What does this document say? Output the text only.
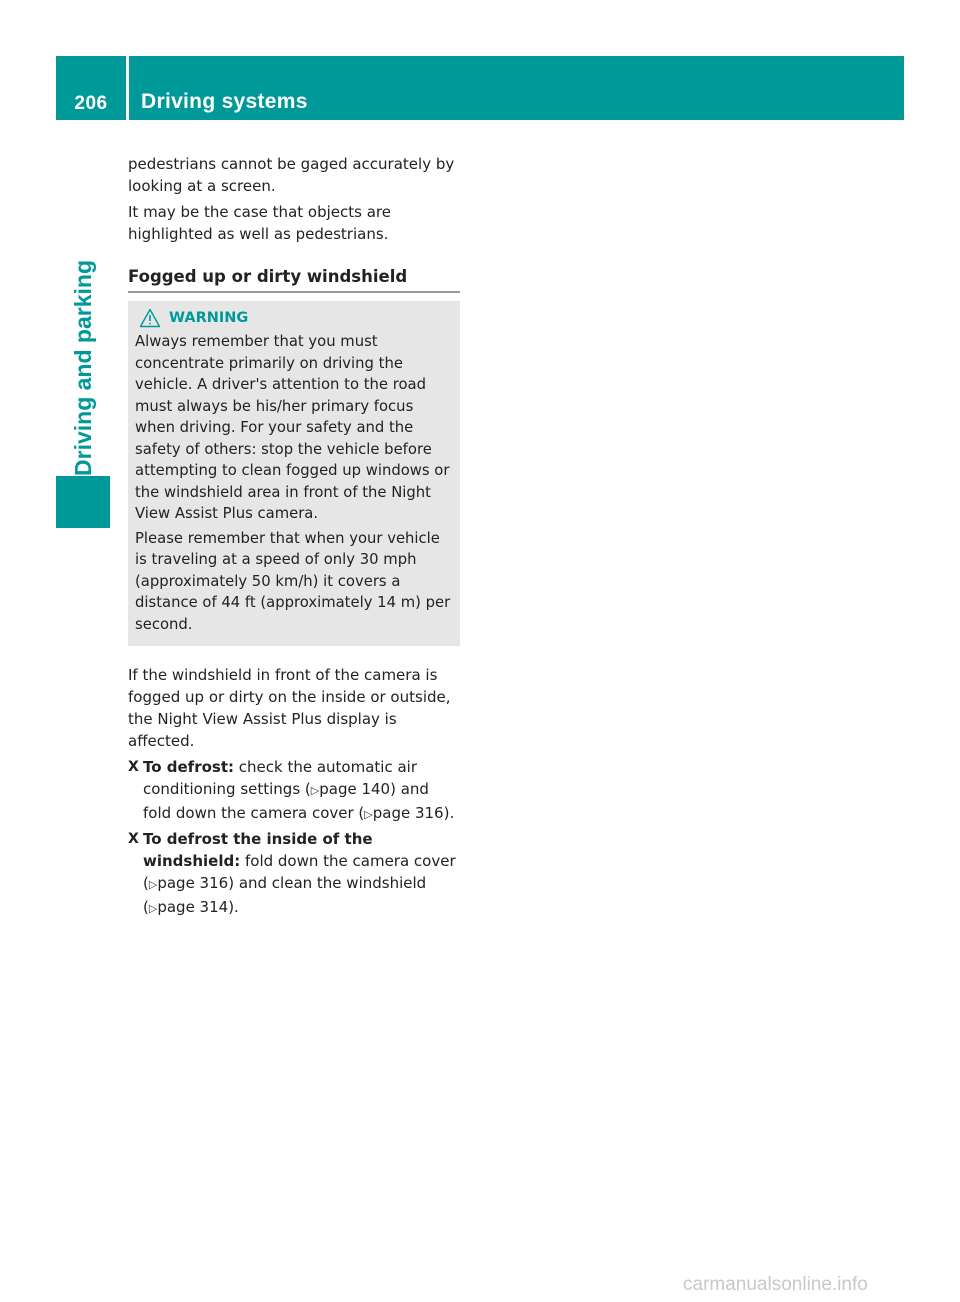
206	Driving systems
Driving and parking

pedestrians cannot be gaged accurately by looking at a screen.

It may be the case that objects are highlighted as well as pedestrians.

Fogged up or dirty windshield
WARNING

Always remember that you must concentrate primarily on driving the vehicle. A driver's attention to the road must always be his/her primary focus when driving. For your safety and the safety of others: stop the vehicle before attempting to clean fogged up windows or the windshield area in front of the Night View Assist Plus camera.

Please remember that when your vehicle is traveling at a speed of only 30 mph (approximately 50 km/h) it covers a distance of 44 ft (approximately 14 m) per second.

If the windshield in front of the camera is fogged up or dirty on the inside or outside, the Night View Assist Plus display is affected.

X To defrost: check the automatic air conditioning settings (▷page 140) and fold down the camera cover (▷page 316).
X To defrost the inside of the windshield: fold down the camera cover (▷page 316) and clean the windshield (▷page 314).
carmanualsonline.info
